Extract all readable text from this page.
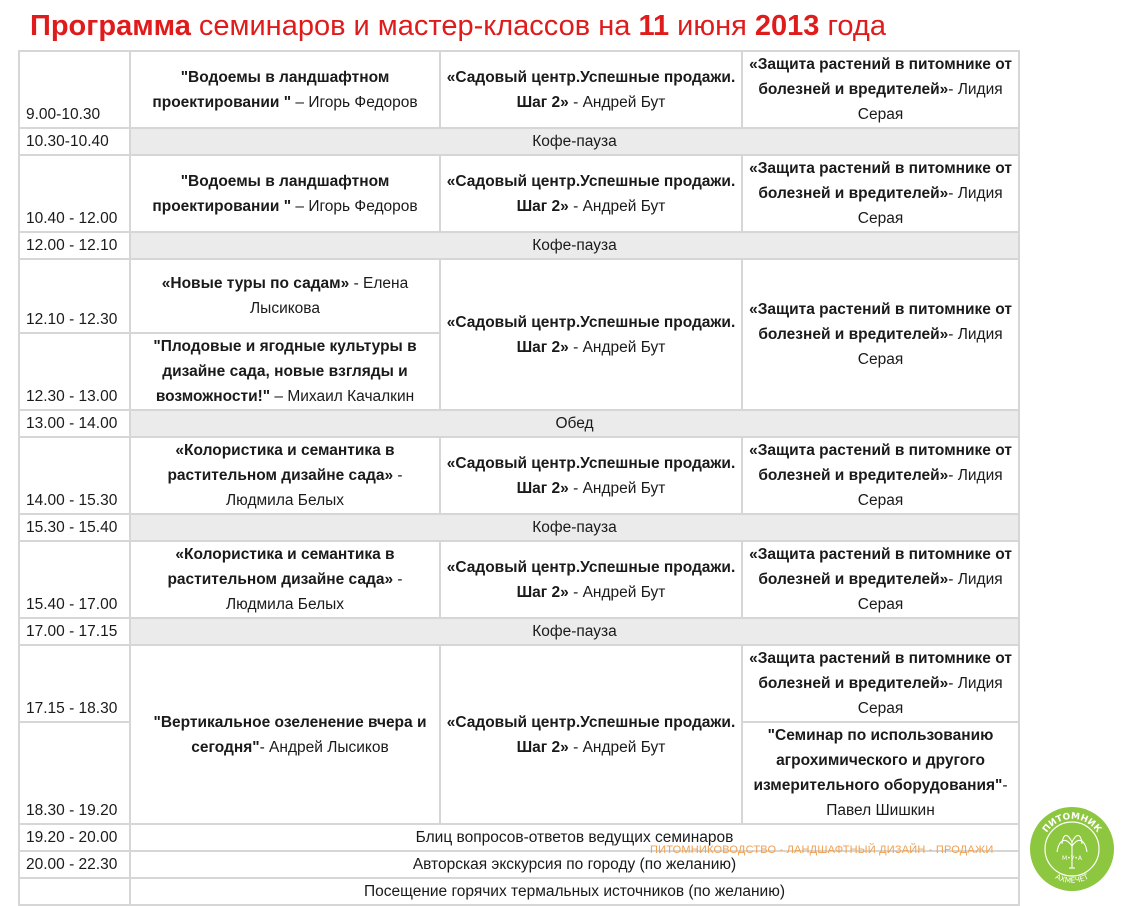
Программа семинаров и мастер-классов на 11 июня 2013 года
9.00-10.30	"Водоемы в ландшафтном проектировании " – Игорь Федоров	«Садовый центр.Успешные продажи. Шаг 2» - Андрей Бут	«Защита растений в питомнике от болезней и вредителей»- Лидия Серая
10.30-10.40	Кофе-пауза		
10.40 - 12.00	"Водоемы в ландшафтном проектировании " – Игорь Федоров	«Садовый центр.Успешные продажи. Шаг 2» - Андрей Бут	«Защита растений в питомнике от болезней и вредителей»- Лидия Серая
12.00 - 12.10	Кофе-пауза		
12.10 - 12.30	«Новые туры по садам» - Елена Лысикова	«Садовый центр.Успешные продажи. Шаг 2» - Андрей Бут	«Защита растений в питомнике от болезней и вредителей»- Лидия Серая
12.30 - 13.00	"Плодовые и ягодные культуры в дизайне сада, новые взгляды и возможности!" – Михаил Качалкин		
13.00 - 14.00	Обед		
14.00 - 15.30	«Колористика и семантика в растительном дизайне сада» - Людмила Белых	«Садовый центр.Успешные продажи. Шаг 2» - Андрей Бут	«Защита растений в питомнике от болезней и вредителей»- Лидия Серая
15.30 - 15.40	Кофе-пауза		
15.40 - 17.00	«Колористика и семантика в растительном дизайне сада» - Людмила Белых	«Садовый центр.Успешные продажи. Шаг 2» - Андрей Бут	«Защита растений в питомнике от болезней и вредителей»- Лидия Серая
17.00 - 17.15	Кофе-пауза		
17.15 - 18.30	"Вертикальное озеленение вчера и сегодня"- Андрей Лысиков	«Садовый центр.Успешные продажи. Шаг 2» - Андрей Бут	«Защита растений в питомнике от болезней и вредителей»- Лидия Серая
18.30 - 19.20			"Семинар по использованию агрохимического и другого измерительного оборудования"- Павел Шишкин
19.20 - 20.00	Блиц вопросов-ответов ведущих семинаров		
20.00 - 22.30	Авторская экскурсия по городу (по желанию)		
	Посещение горячих термальных источников (по желанию)		
ПИТОМНИКОВОДСТВО - ЛАНДШАФТНЫЙ ДИЗАЙН - ПРОДАЖИ
ПИТОМНИК
АХМЕЧЕТ
М•У•А
